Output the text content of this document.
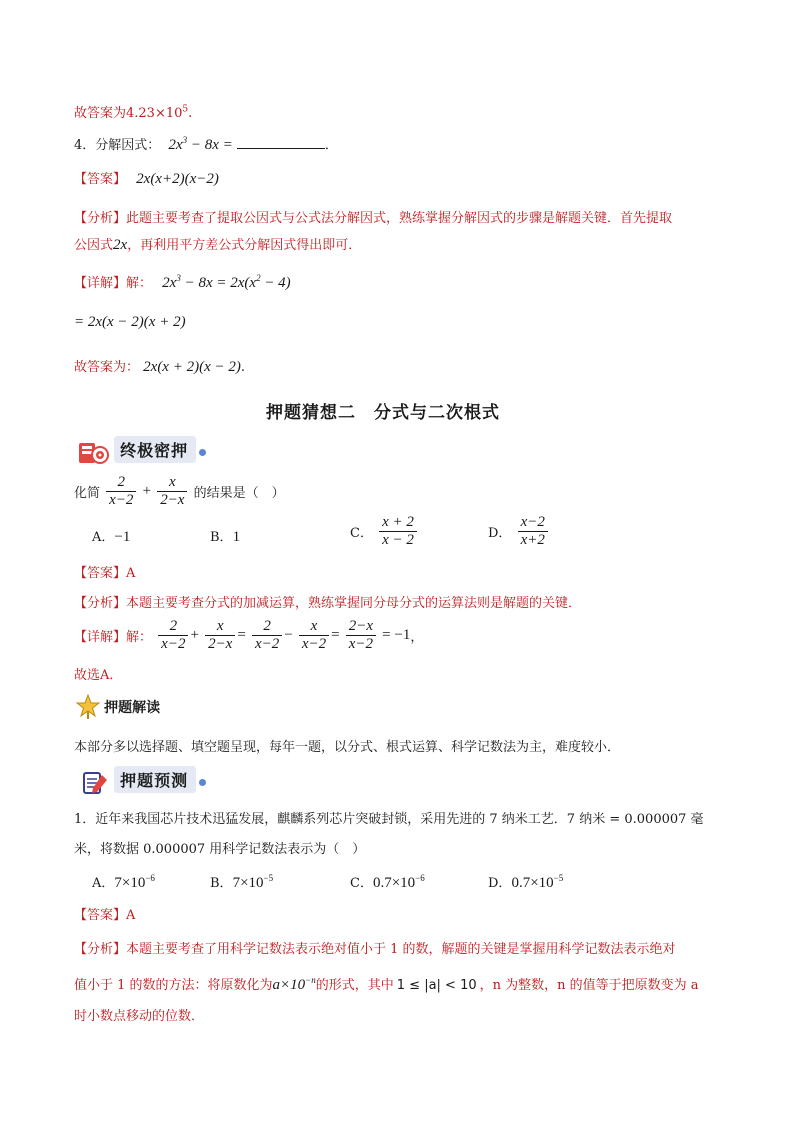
故答案为$4.23\times 10^5$.
4．分解因式： $2x^3 - 8x$ =	．
【答案】 2x(x+2)(x−2)
【分析】此题主要考查了提取公因式与公式法分解因式，熟练掌握分解因式的步骤是解题关键．首先提取
公因式2x，再利用平方差公式分解因式得出即可．
【详解】解： $2x^3 - 8x = 2x(x^2 - 4)$
= 2x(x − 2)(x + 2)
故答案为： 2x(x + 2)(x − 2).
押题猜想二　分式与二次根式
终极密押
化简 $\frac{2}{x-2} + \frac{x}{2-x}$ 的结果是（　）
A．−1	B．1	C． $\frac{x + 2}{x - 2}$	D． $\frac{x-2}{x+2}$
【答案】A
【分析】本题主要考查分式的加减运算，熟练掌握同分母分式的运算法则是解题的关键．
【详解】解： $\frac{2}{x-2} + \frac{x}{2-x} = \frac{2}{x-2} - \frac{x}{x-2} = \frac{2-x}{x-2} = -1$，
故选A．
押题解读
本部分多以选择题、填空题呈现，每年一题，以分式、根式运算、科学记数法为主，难度较小．
押题预测
1．近年来我国芯片技术迅猛发展，麒麟系列芯片突破封锁，采用先进的 7 纳米工艺．7 纳米 = 0.000007 毫
米，将数据 0.000007 用科学记数法表示为（　）
A．$7\times 10^{-6}$	B．$7\times 10^{-5}$	C．$0.7\times 10^{-6}$	D．$0.7\times 10^{-5}$
【答案】A
【分析】本题主要考查了用科学记数法表示绝对值小于 1 的数，解题的关键是掌握用科学记数法表示绝对
值小于 1 的数的方法：将原数化为$a\times 10^{-n}$的形式，其中 1 ≤ |a| < 10 ，n 为整数，n 的值等于把原数变为 a
时小数点移动的位数．
